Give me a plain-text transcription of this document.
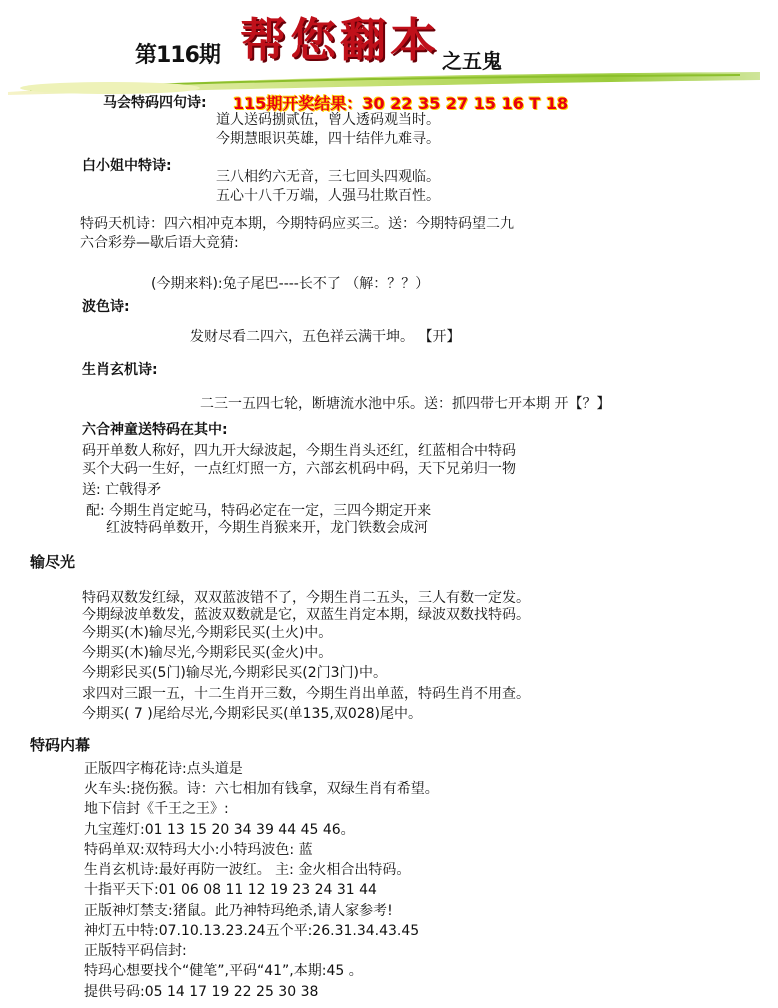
第116期 帮您翻本 之五鬼
马会特码四句诗: 115期开奖结果：30 22 35 27 15 16 T 18
道人送码捌贰伍，曾人透码观当时。
今期慧眼识英雄，四十结伴九难寻。
白小姐中特诗:
三八相约六无音，三七回头四观临。
五心十八千万端，人强马壮欺百性。
特码天机诗：四六相冲克本期，今期特码应买三。送：今期特码望二九
六合彩券—歇后语大竞猜:
(今期来料):兔子尾巴----长不了 （解：？？）
波色诗:
发财尽看二四六，五色祥云满干坤。 【开】
生肖玄机诗:
二三一五四七轮，断塘流水池中乐。送：抓四带七开本期 开【？】
六合神童送特码在其中:
码开单数人称好，四九开大绿波起，今期生肖头还红，红蓝相合中特码
买个大码一生好，一点红灯照一方，六部玄机码中码，天下兄弟归一物
送: 亡戟得矛
配: 今期生肖定蛇马，特码必定在一定，三四今期定开来
红波特码单数开，今期生肖猴来开，龙门铁数会成河
输尽光
特码双数发红绿，双双蓝波错不了，今期生肖二五头，三人有数一定发。
今期绿波单数发，蓝波双数就是它，双蓝生肖定本期，绿波双数找特码。
今期买(木)输尽光,今期彩民买(土火)中。
今期买(木)输尽光,今期彩民买(金火)中。
今期彩民买(5门)输尽光,今期彩民买(2门3门)中。
求四对三跟一五，十二生肖开三数，今期生肖出单蓝，特码生肖不用查。
今期买( 7 )尾给尽光,今期彩民买(单135,双028)尾中。
特码内幕
正版四字梅花诗:点头道是
火车头:挠伤猴。诗：六七相加有钱拿，双绿生肖有希望。
地下信封《千王之王》:
九宝莲灯:01 13 15 20 34 39 44 45 46。
特码单双:双特玛大小:小特玛波色: 蓝
生肖玄机诗:最好再防一波红。 主: 金火相合出特码。
十指平天下:01 06 08 11 12 19 23 24 31 44
正版神灯禁支:猪鼠。此乃神特玛绝杀,请人家参考!
神灯五中特:07.10.13.23.24五个平:26.31.34.43.45
正版特平码信封:
特玛心想要找个“健笔”,平码“41”,本期:45 。
提供号码:05 14 17 19 22 25 30 38
